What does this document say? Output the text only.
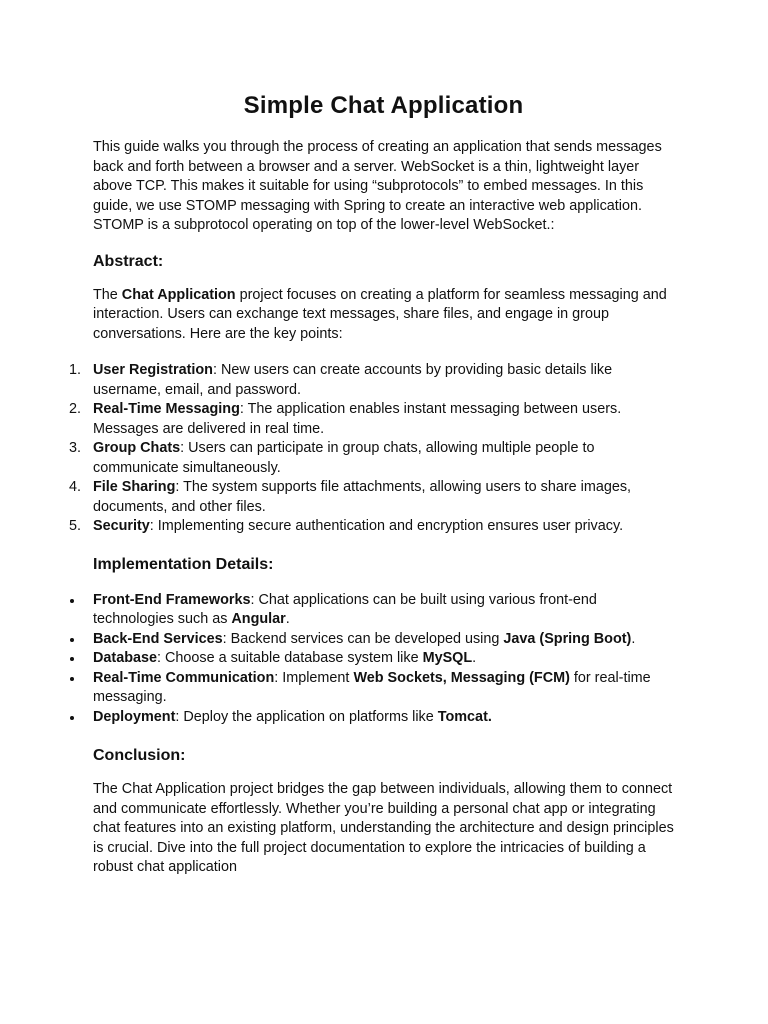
Simple Chat Application

This guide walks you through the process of creating an application that sends messages back and forth between a browser and a server. WebSocket is a thin, lightweight layer above TCP. This makes it suitable for using “subprotocols” to embed messages. In this guide, we use STOMP messaging with Spring to create an interactive web application. STOMP is a subprotocol operating on top of the lower-level WebSocket.:

Abstract:

The Chat Application project focuses on creating a platform for seamless messaging and interaction. Users can exchange text messages, share files, and engage in group conversations. Here are the key points:

User Registration: New users can create accounts by providing basic details like username, email, and password.
Real-Time Messaging: The application enables instant messaging between users. Messages are delivered in real time.
Group Chats: Users can participate in group chats, allowing multiple people to communicate simultaneously.
File Sharing: The system supports file attachments, allowing users to share images, documents, and other files.
Security: Implementing secure authentication and encryption ensures user privacy.
Implementation Details:
Front-End Frameworks: Chat applications can be built using various front-end technologies such as Angular.
Back-End Services: Backend services can be developed using Java (Spring Boot).
Database: Choose a suitable database system like MySQL.
Real-Time Communication: Implement Web Sockets, Messaging (FCM) for real-time messaging.
Deployment: Deploy the application on platforms like Tomcat.
Conclusion:

The Chat Application project bridges the gap between individuals, allowing them to connect and communicate effortlessly. Whether you’re building a personal chat app or integrating chat features into an existing platform, understanding the architecture and design principles is crucial. Dive into the full project documentation to explore the intricacies of building a robust chat application
